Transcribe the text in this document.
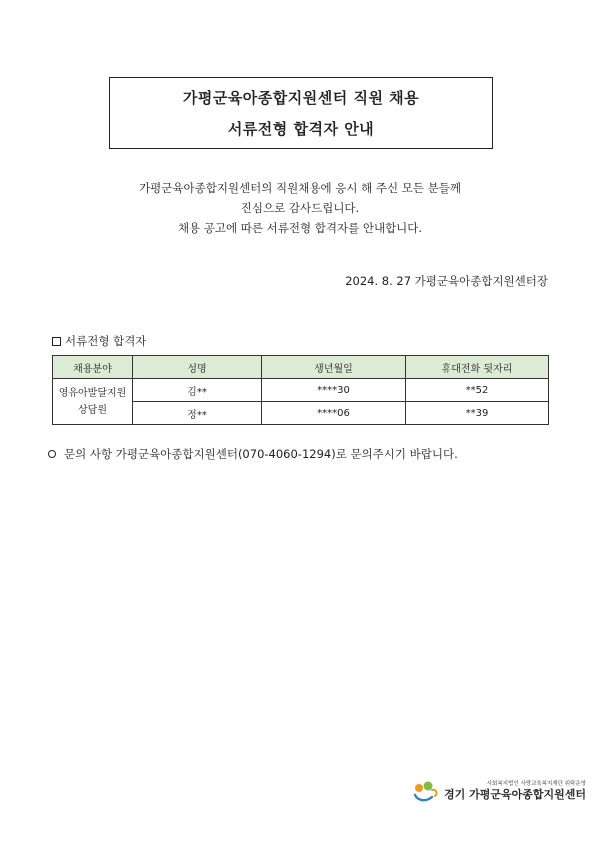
가평군육아종합지원센터 직원 채용
서류전형 합격자 안내
가평군육아종합지원센터의 직원채용에 응시 해 주신 모든 분들께
진심으로 감사드립니다.
채용 공고에 따른 서류전형 합격자를 안내합니다.
2024. 8. 27 가평군육아종합지원센터장
서류전형 합격자
채용분야	성명	생년월일	휴대전화 뒷자리

영유아발달지원
상담원	김**	****30	**52
	정**	****06	**39
문의 사항 가평군육아종합지원센터(070-4060-1294)로 문의주시기 바랍니다.
사회복지법인 사랑교육복지재단 위탁운영
경기 가평군육아종합지원센터
